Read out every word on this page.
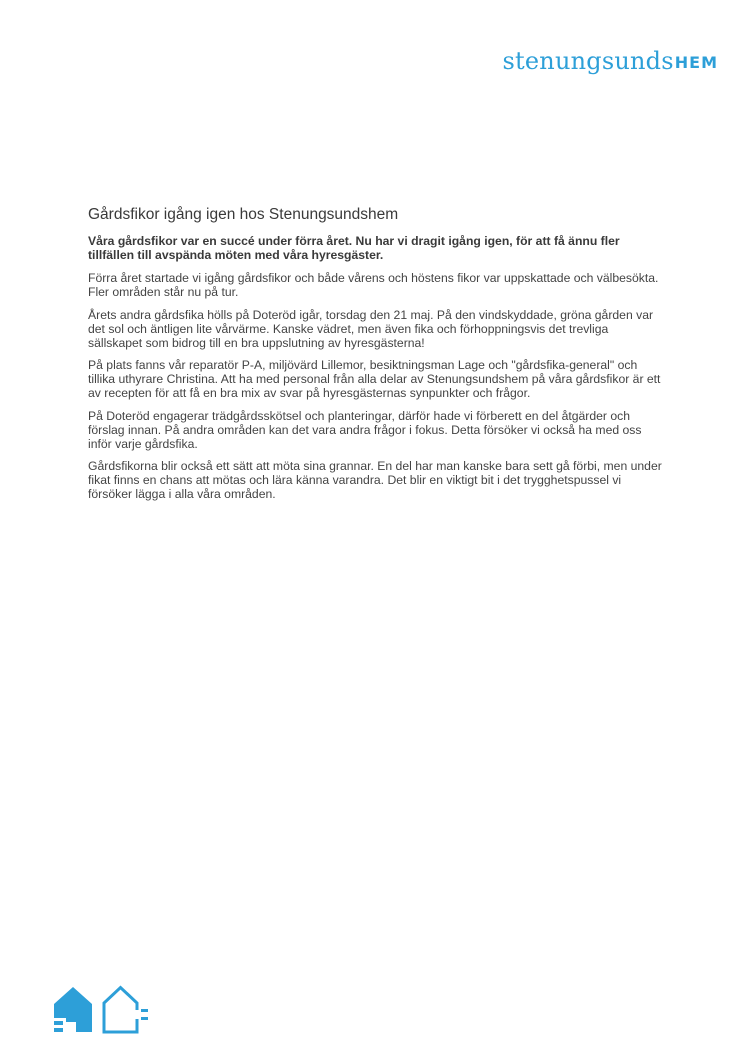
stenungsundsHEM
Gårdsfikor igång igen hos Stenungsundshem

Våra gårdsfikor var en succé under förra året. Nu har vi dragit igång igen, för att få ännu fler tillfällen till avspända möten med våra hyresgäster.

Förra året startade vi igång gårdsfikor och både vårens och höstens fikor var uppskattade och välbesökta. Fler områden står nu på tur.

Årets andra gårdsfika hölls på Doteröd igår, torsdag den 21 maj. På den vindskyddade, gröna gården var det sol och äntligen lite vårvärme. Kanske vädret, men även fika och förhoppningsvis det trevliga sällskapet som bidrog till en bra uppslutning av hyresgästerna!

På plats fanns vår reparatör P-A, miljövärd Lillemor, besiktningsman Lage och "gårdsfika-general" och tillika uthyrare Christina. Att ha med personal från alla delar av Stenungsundshem på våra gårdsfikor är ett av recepten för att få en bra mix av svar på hyresgästernas synpunkter och frågor.

På Doteröd engagerar trädgårdsskötsel och planteringar, därför hade vi förberett en del åtgärder och förslag innan. På andra områden kan det vara andra frågor i fokus. Detta försöker vi också ha med oss inför varje gårdsfika.

Gårdsfikorna blir också ett sätt att möta sina grannar. En del har man kanske bara sett gå förbi, men under fikat finns en chans att mötas och lära känna varandra. Det blir en viktigt bit i det trygghetspussel vi försöker lägga i alla våra områden.
